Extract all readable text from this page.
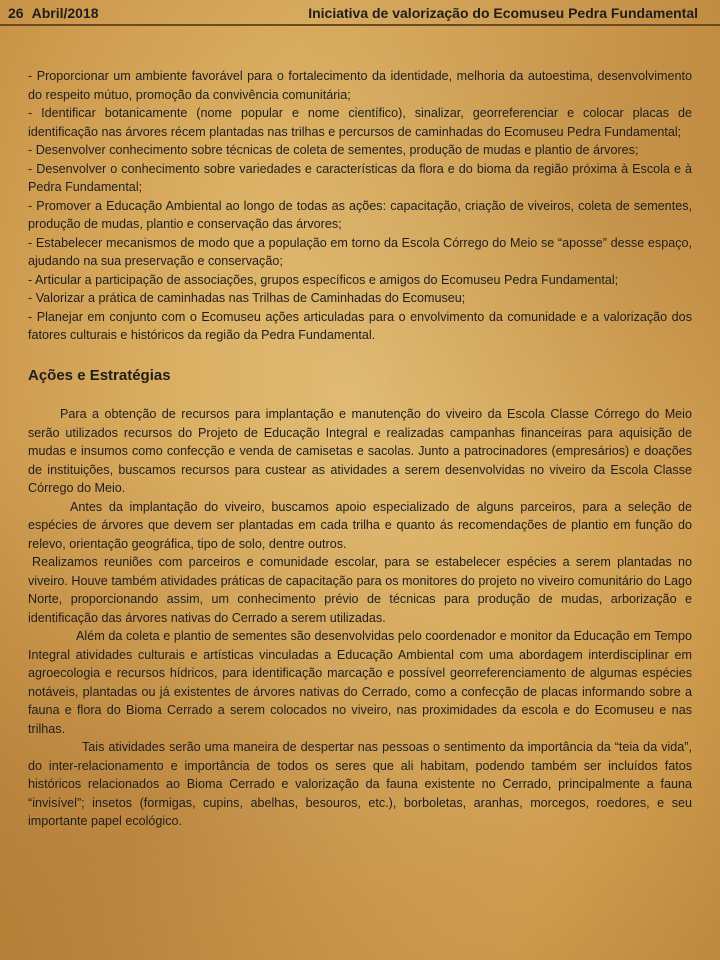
26 Abril/2018	Iniciativa de valorização do Ecomuseu Pedra Fundamental

- Proporcionar um ambiente favorável para o fortalecimento da identidade, melhoria da autoestima, desenvolvimento do respeito mútuo, promoção da convivência comunitária;

- Identificar botanicamente (nome popular e nome científico), sinalizar, georreferenciar e colocar placas de identificação nas árvores récem plantadas nas trilhas e percursos de caminhadas do Ecomuseu Pedra Fundamental;

- Desenvolver conhecimento sobre técnicas de coleta de sementes, produção de mudas e plantio de árvores;

- Desenvolver o conhecimento sobre variedades e características da flora e do bioma da região próxima à Escola e à Pedra Fundamental;

- Promover a Educação Ambiental ao longo de todas as ações: capacitação, criação de viveiros, coleta de sementes, produção de mudas, plantio e conservação das árvores;

- Estabelecer mecanismos de modo que a população em torno da Escola Córrego do Meio se “aposse” desse espaço, ajudando na sua preservação e conservação;

- Articular a participação de associações, grupos específicos e amigos do Ecomuseu Pedra Fundamental;

- Valorizar a prática de caminhadas nas Trilhas de Caminhadas do Ecomuseu;

- Planejar em conjunto com o Ecomuseu ações articuladas para o envolvimento da comunidade e a valorização dos fatores culturais e históricos da região da Pedra Fundamental.

Ações e Estratégias

Para a obtenção de recursos para implantação e manutenção do viveiro da Escola Classe Córrego do Meio serão utilizados recursos do Projeto de Educação Integral e realizadas campanhas financeiras para aquisição de mudas e insumos como confecção e venda de camisetas e sacolas. Junto a patrocinadores (empresários) e doações de instituições, buscamos recursos para custear as atividades a serem desenvolvidas no viveiro da Escola Classe Córrego do Meio.

Antes da implantação do viveiro, buscamos apoio especializado de alguns parceiros, para a seleção de espécies de árvores que devem ser plantadas em cada trilha e quanto ás recomendações de plantio em função do relevo, orientação geográfica, tipo de solo, dentre outros.

Realizamos reuniões com parceiros e comunidade escolar, para se estabelecer espécies a serem plantadas no viveiro. Houve também atividades práticas de capacitação para os monitores do projeto no viveiro comunitário do Lago Norte, proporcionando assim, um conhecimento prévio de técnicas para produção de mudas, arborização e identificação das árvores nativas do Cerrado a serem utilizadas.

Além da coleta e plantio de sementes são desenvolvidas pelo coordenador e monitor da Educação em Tempo Integral atividades culturais e artísticas vinculadas a Educação Ambiental com uma abordagem interdisciplinar em agroecologia e recursos hídricos, para identificação marcação e possível georreferenciamento de algumas espécies notáveis, plantadas ou já existentes de árvores nativas do Cerrado, como a confecção de placas informando sobre a fauna e flora do Bioma Cerrado a serem colocados no viveiro, nas proximidades da escola e do Ecomuseu e nas trilhas.

Tais atividades serão uma maneira de despertar nas pessoas o sentimento da importância da “teia da vida”, do inter-relacionamento e importância de todos os seres que ali habitam, podendo também ser incluídos fatos históricos relacionados ao Bioma Cerrado e valorização da fauna existente no Cerrado, principalmente a fauna “invisível”; insetos (formigas, cupins, abelhas, besouros, etc.), borboletas, aranhas, morcegos, roedores, e seu importante papel ecológico.
